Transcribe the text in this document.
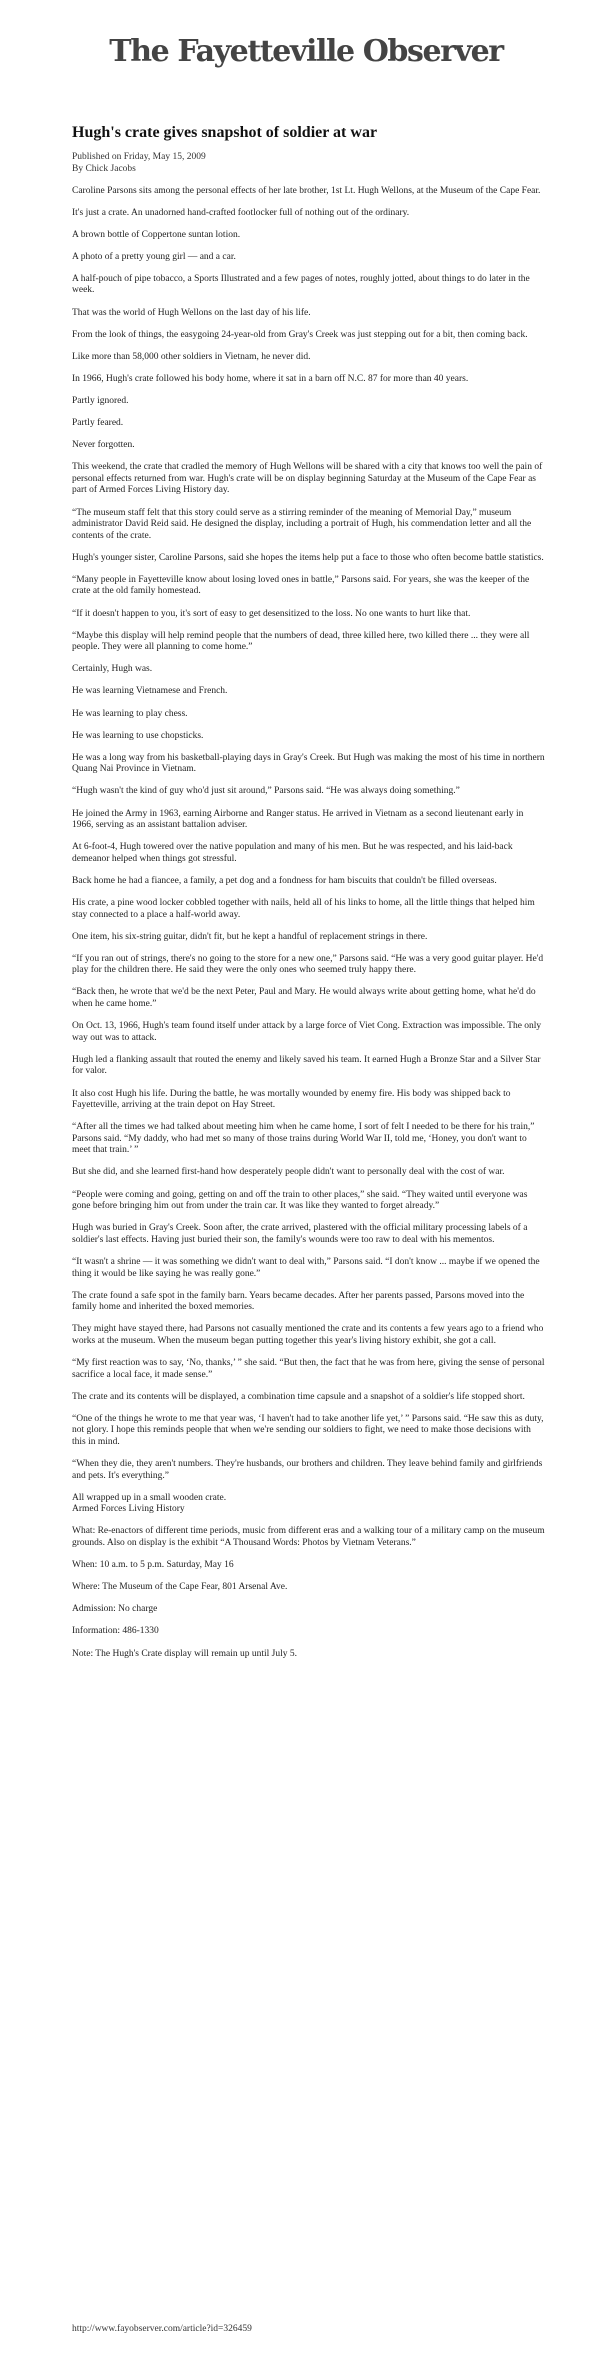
The Fayetteville Observer
Hugh's crate gives snapshot of soldier at war
Published on Friday, May 15, 2009
By Chick Jacobs

Caroline Parsons sits among the personal effects of her late brother, 1st Lt. Hugh Wellons, at the Museum of the Cape Fear.

It's just a crate. An unadorned hand-crafted footlocker full of nothing out of the ordinary.

A brown bottle of Coppertone suntan lotion.

A photo of a pretty young girl — and a car.

A half-pouch of pipe tobacco, a Sports Illustrated and a few pages of notes, roughly jotted, about things to do later in the week.

That was the world of Hugh Wellons on the last day of his life.

From the look of things, the easygoing 24-year-old from Gray's Creek was just stepping out for a bit, then coming back.

Like more than 58,000 other soldiers in Vietnam, he never did.

In 1966, Hugh's crate followed his body home, where it sat in a barn off N.C. 87 for more than 40 years.

Partly ignored.

Partly feared.

Never forgotten.

This weekend, the crate that cradled the memory of Hugh Wellons will be shared with a city that knows too well the pain of personal effects returned from war. Hugh's crate will be on display beginning Saturday at the Museum of the Cape Fear as part of Armed Forces Living History day.

“The museum staff felt that this story could serve as a stirring reminder of the meaning of Memorial Day,” museum administrator David Reid said. He designed the display, including a portrait of Hugh, his commendation letter and all the contents of the crate.

Hugh's younger sister, Caroline Parsons, said she hopes the items help put a face to those who often become battle statistics.

“Many people in Fayetteville know about losing loved ones in battle,” Parsons said. For years, she was the keeper of the crate at the old family homestead.

“If it doesn't happen to you, it's sort of easy to get desensitized to the loss. No one wants to hurt like that.

“Maybe this display will help remind people that the numbers of dead, three killed here, two killed there ... they were all people. They were all planning to come home.”

Certainly, Hugh was.

He was learning Vietnamese and French.

He was learning to play chess.

He was learning to use chopsticks.

He was a long way from his basketball-playing days in Gray's Creek. But Hugh was making the most of his time in northern Quang Nai Province in Vietnam.

“Hugh wasn't the kind of guy who'd just sit around,” Parsons said. “He was always doing something.”

He joined the Army in 1963, earning Airborne and Ranger status. He arrived in Vietnam as a second lieutenant early in 1966, serving as an assistant battalion adviser.

At 6-foot-4, Hugh towered over the native population and many of his men. But he was respected, and his laid-back demeanor helped when things got stressful.

Back home he had a fiancee, a family, a pet dog and a fondness for ham biscuits that couldn't be filled overseas.

His crate, a pine wood locker cobbled together with nails, held all of his links to home, all the little things that helped him stay connected to a place a half-world away.

One item, his six-string guitar, didn't fit, but he kept a handful of replacement strings in there.

“If you ran out of strings, there's no going to the store for a new one,” Parsons said. “He was a very good guitar player. He'd play for the children there. He said they were the only ones who seemed truly happy there.

“Back then, he wrote that we'd be the next Peter, Paul and Mary. He would always write about getting home, what he'd do when he came home.”

On Oct. 13, 1966, Hugh's team found itself under attack by a large force of Viet Cong. Extraction was impossible. The only way out was to attack.

Hugh led a flanking assault that routed the enemy and likely saved his team. It earned Hugh a Bronze Star and a Silver Star for valor.

It also cost Hugh his life. During the battle, he was mortally wounded by enemy fire. His body was shipped back to Fayetteville, arriving at the train depot on Hay Street.

“After all the times we had talked about meeting him when he came home, I sort of felt I needed to be there for his train,” Parsons said. “My daddy, who had met so many of those trains during World War II, told me, ‘Honey, you don't want to meet that train.’ ”

But she did, and she learned first-hand how desperately people didn't want to personally deal with the cost of war.

“People were coming and going, getting on and off the train to other places,” she said. “They waited until everyone was gone before bringing him out from under the train car. It was like they wanted to forget already.”

Hugh was buried in Gray's Creek. Soon after, the crate arrived, plastered with the official military processing labels of a soldier's last effects. Having just buried their son, the family's wounds were too raw to deal with his mementos.

“It wasn't a shrine — it was something we didn't want to deal with,” Parsons said. “I don't know ... maybe if we opened the thing it would be like saying he was really gone.”

The crate found a safe spot in the family barn. Years became decades. After her parents passed, Parsons moved into the family home and inherited the boxed memories.

They might have stayed there, had Parsons not casually mentioned the crate and its contents a few years ago to a friend who works at the museum. When the museum began putting together this year's living history exhibit, she got a call.

“My first reaction was to say, ‘No, thanks,’ ” she said. “But then, the fact that he was from here, giving the sense of personal sacrifice a local face, it made sense.”

The crate and its contents will be displayed, a combination time capsule and a snapshot of a soldier's life stopped short.

“One of the things he wrote to me that year was, ‘I haven't had to take another life yet,’ ” Parsons said. “He saw this as duty, not glory. I hope this reminds people that when we're sending our soldiers to fight, we need to make those decisions with this in mind.

“When they die, they aren't numbers. They're husbands, our brothers and children. They leave behind family and girlfriends and pets. It's everything.”

All wrapped up in a small wooden crate.
Armed Forces Living History

What: Re-enactors of different time periods, music from different eras and a walking tour of a military camp on the museum grounds. Also on display is the exhibit “A Thousand Words: Photos by Vietnam Veterans.”

When: 10 a.m. to 5 p.m. Saturday, May 16

Where: The Museum of the Cape Fear, 801 Arsenal Ave.

Admission: No charge

Information: 486-1330

Note: The Hugh's Crate display will remain up until July 5.

http://www.fayobserver.com/article?id=326459
